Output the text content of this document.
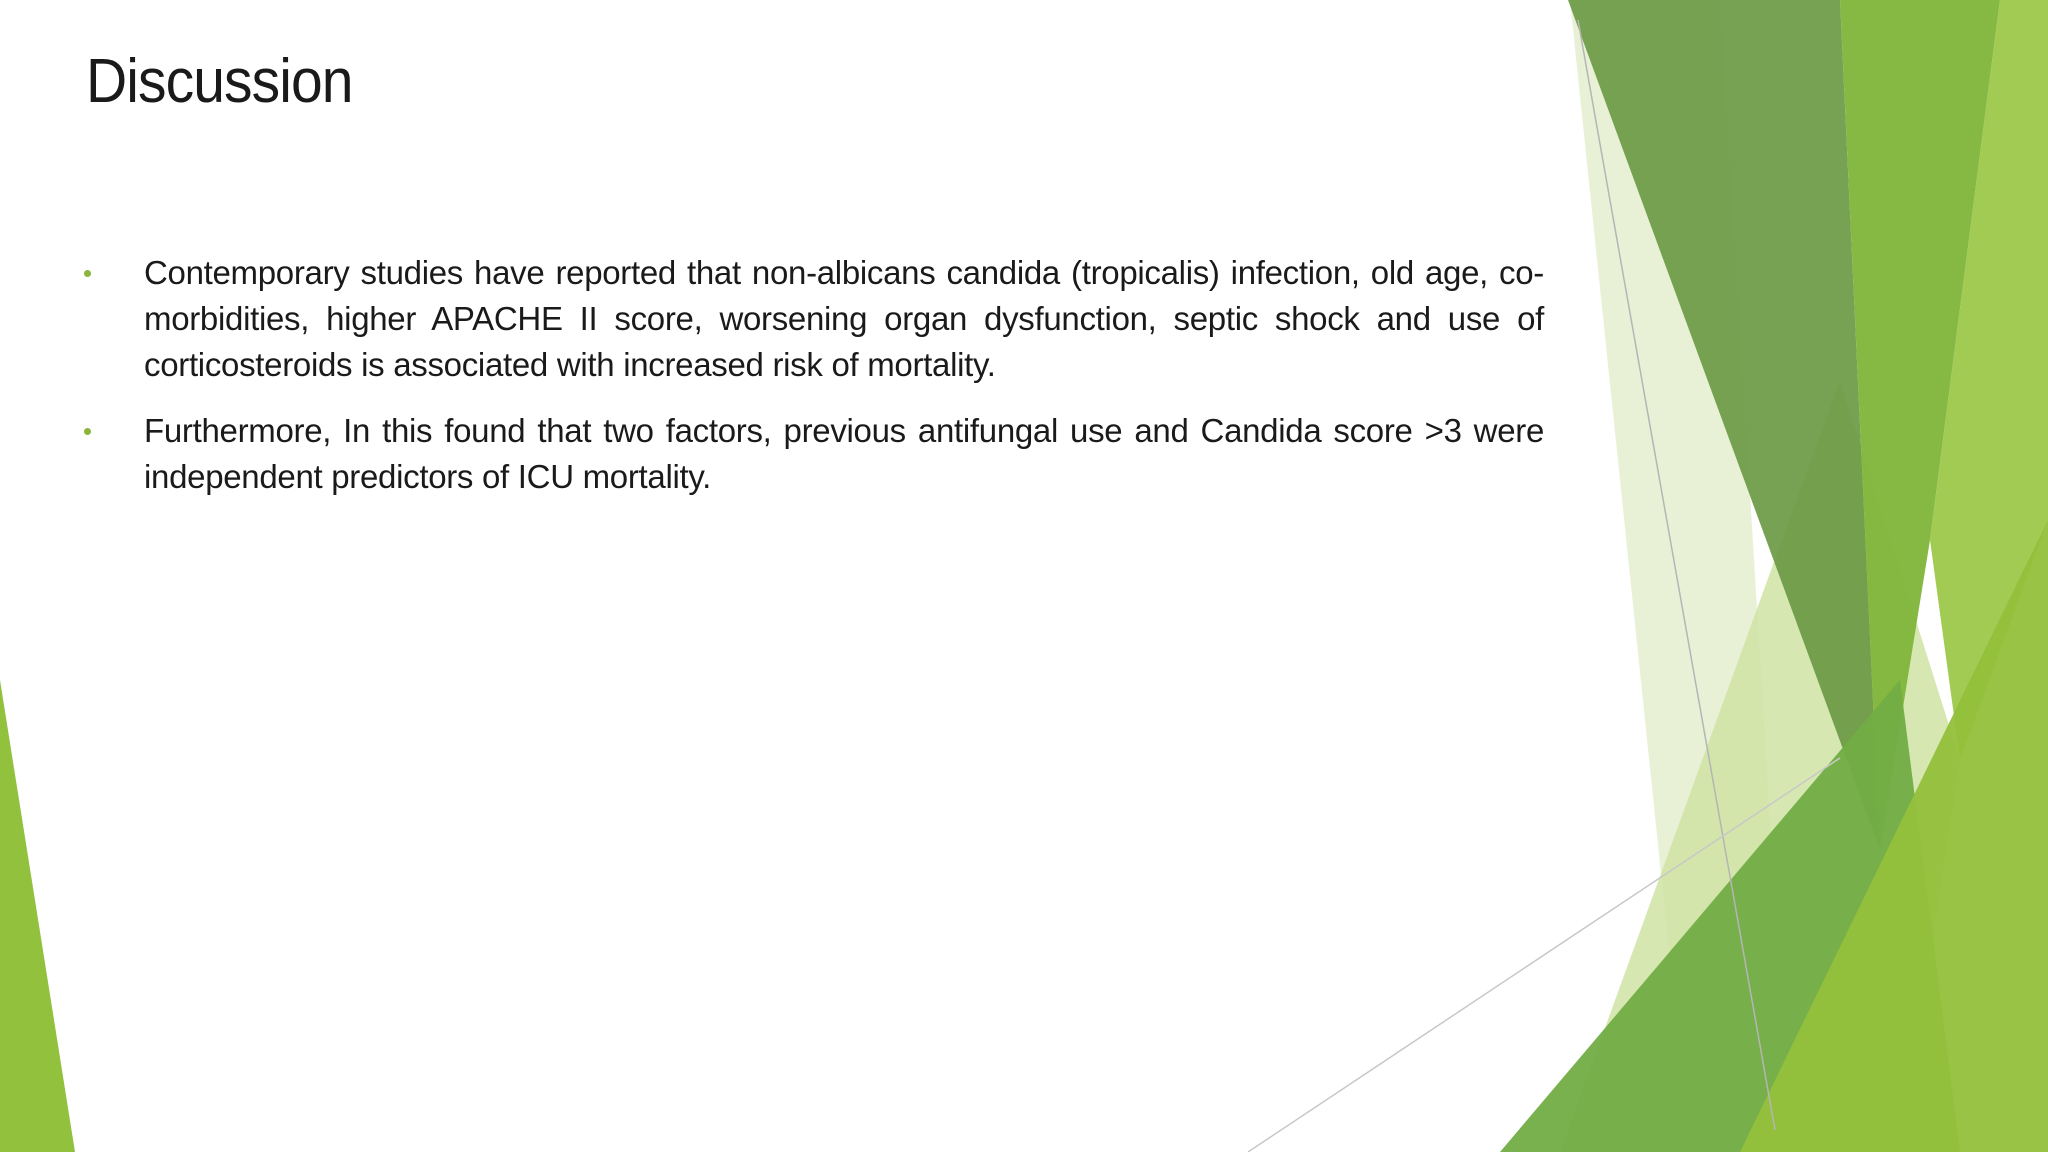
Discussion
Contemporary studies have reported that non-albicans candida (tropicalis) infection, old age, co-morbidities, higher APACHE II score, worsening organ dysfunction, septic shock and use of corticosteroids is associated with increased risk of mortality.
Furthermore, In this found that two factors, previous antifungal use and Candida score >3 were independent predictors of ICU mortality.
